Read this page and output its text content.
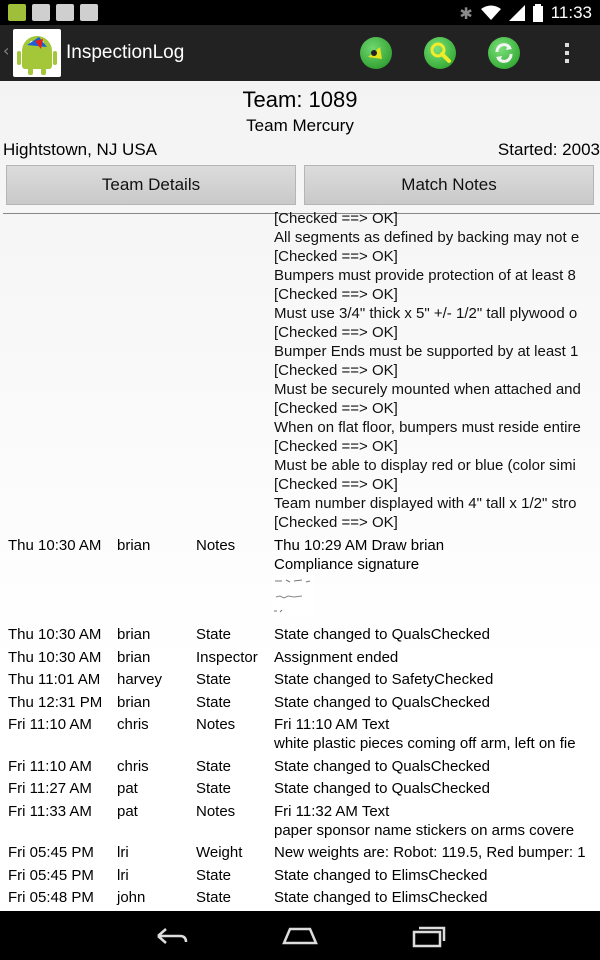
✱	11:33
‹	InspectionLog
Team: 1089
Team Mercury
Hightstown, NJ USA	Started: 2003
Team Details	Match Notes
[Checked ==> OK]
All segments as defined by backing may not e
[Checked ==> OK]
Bumpers must provide protection of at least 8
[Checked ==> OK]
Must use 3/4" thick x 5" +/- 1/2" tall plywood o
[Checked ==> OK]
Bumper Ends must be supported by at least 1
[Checked ==> OK]
Must be securely mounted when attached and
[Checked ==> OK]
When on flat floor, bumpers must reside entire
[Checked ==> OK]
Must be able to display red or blue (color simi
[Checked ==> OK]
Team number displayed with 4" tall x 1/2" stro
[Checked ==> OK]
Thu 10:30 AM brian	Notes	Thu 10:29 AM Draw brian
Compliance signature
Thu 10:30 AM brian	State	State changed to QualsChecked
Thu 10:30 AM brian	Inspector Assignment ended
Thu 11:01 AM harvey State	State changed to SafetyChecked
Thu 12:31 PM brian	State	State changed to QualsChecked
Fri 11:10 AM chris	Notes	Fri 11:10 AM Text
white plastic pieces coming off arm, left on fie
Fri 11:10 AM chris	State	State changed to QualsChecked
Fri 11:27 AM pat	State	State changed to QualsChecked
Fri 11:33 AM pat	Notes	Fri 11:32 AM Text
paper sponsor name stickers on arms covere
Fri 05:45 PM lri	Weight New weights are: Robot: 119.5, Red bumper: 1
Fri 05:45 PM lri	State	State changed to ElimsChecked
Fri 05:48 PM john	State	State changed to ElimsChecked
